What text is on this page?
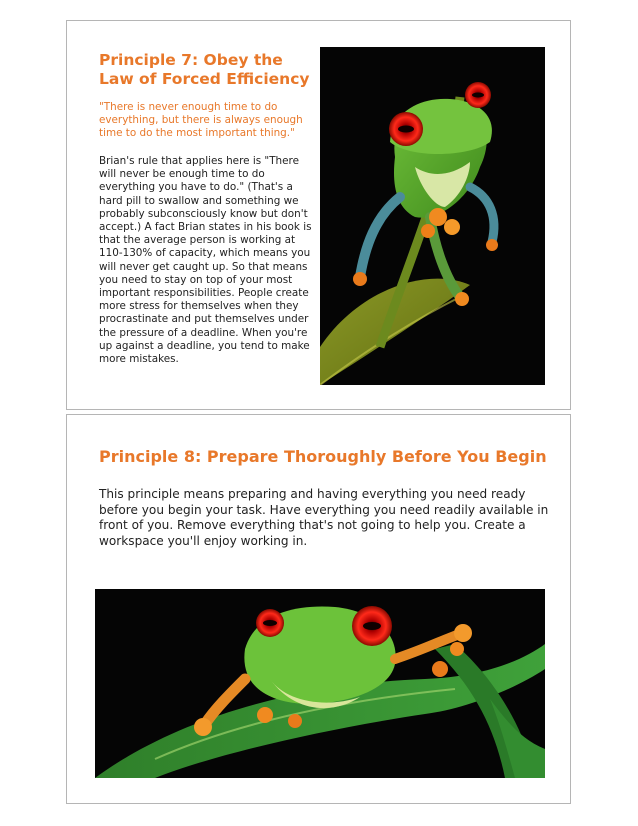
Principle 7: Obey the Law of Forced Efficiency

"There is never enough time to do everything, but there is always enough time to do the most important thing."

Brian's rule that applies here is "There will never be enough time to do everything you have to do." (That's a hard pill to swallow and something we probably subconsciously know but don't accept.) A fact Brian states in his book is that the average person is working at 110-130% of capacity, which means you will never get caught up. So that means you need to stay on top of your most important responsibilities. People create more stress for themselves when they procrastinate and put themselves under the pressure of a deadline. When you're up against a deadline, you tend to make more mistakes.

Principle 8: Prepare Thoroughly Before You Begin

This principle means preparing and having everything you need ready before you begin your task. Have everything you need readily available in front of you. Remove everything that's not going to help you. Create a workspace you'll enjoy working in.
